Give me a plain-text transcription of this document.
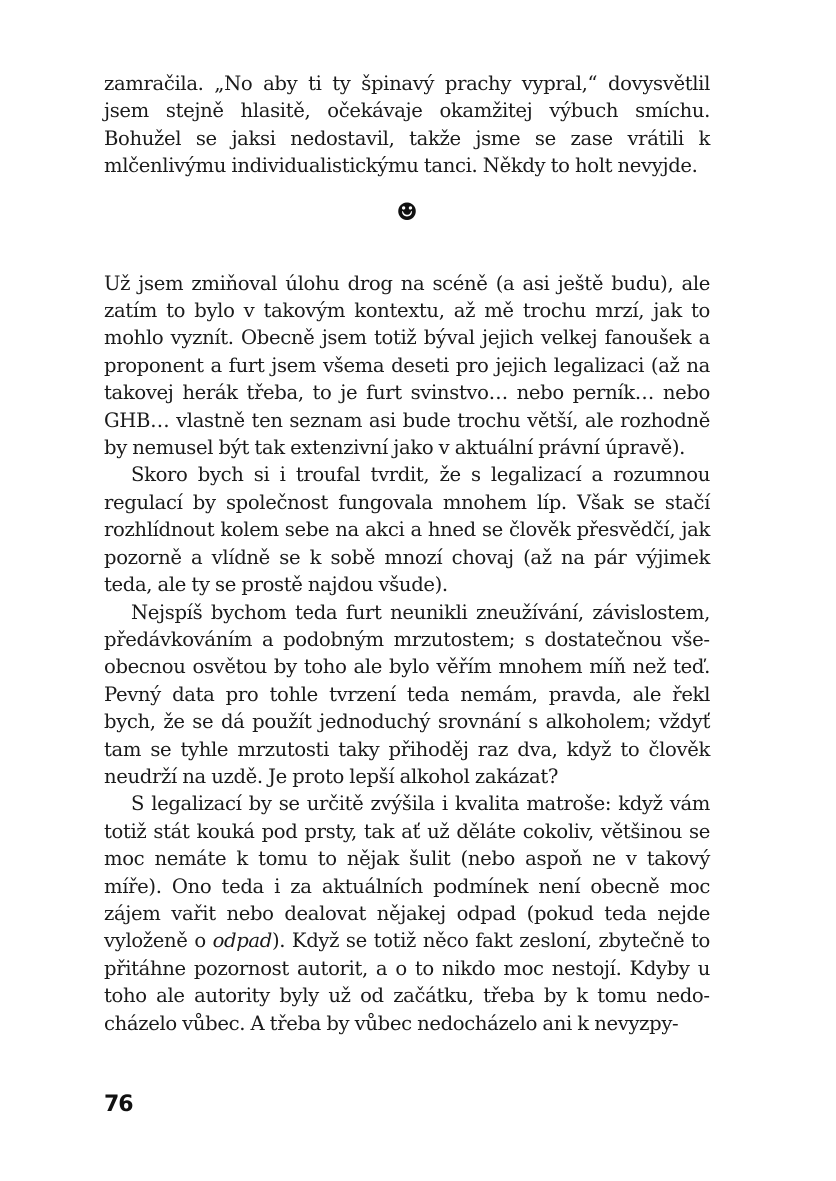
zamračila. „No aby ti ty špinavý prachy vypral,“ dovysvětlil jsem stejně hlasitě, očekávaje okamžitej výbuch smíchu. Bohužel se jaksi nedostavil, takže jsme se zase vrátili k mlčenlivýmu individualistickýmu tanci. Někdy to holt nevyjde.

☻

Už jsem zmiňoval úlohu drog na scéně (a asi ještě budu), ale zatím to bylo v takovým kontextu, až mě trochu mrzí, jak to mohlo vyznít. Obecně jsem totiž býval jejich velkej fanoušek a proponent a furt jsem všema deseti pro jejich legalizaci (až na takovej herák třeba, to je furt svinstvo… nebo perník… nebo GHB… vlastně ten seznam asi bude trochu větší, ale rozhodně by nemusel být tak extenzivní jako v aktuální právní úpravě).

Skoro bych si i troufal tvrdit, že s legalizací a rozumnou regulací by společnost fungovala mnohem líp. Však se stačí rozhlídnout kolem sebe na akci a hned se člověk přesvědčí, jak pozorně a vlídně se k sobě mnozí chovaj (až na pár výjimek teda, ale ty se prostě najdou všude).

Nejspíš bychom teda furt neunikli zneužívání, závislostem, předávkováním a podobným mrzutostem; s dostatečnou všeobecnou osvětou by toho ale bylo věřím mnohem míň než teď. Pevný data pro tohle tvrzení teda nemám, pravda, ale řekl bych, že se dá použít jednoduchý srovnání s alkoholem; vždyť tam se tyhle mrzutosti taky přihoděj raz dva, když to člověk neudrží na uzdě. Je proto lepší alkohol zakázat?

S legalizací by se určitě zvýšila i kvalita matroše: když vám totiž stát kouká pod prsty, tak ať už děláte cokoliv, většinou se moc nemáte k tomu to nějak šulit (nebo aspoň ne v takový míře). Ono teda i za aktuálních podmínek není obecně moc zájem vařit nebo dealovat nějakej odpad (pokud teda nejde vyloženě o odpad). Když se totiž něco fakt zesloní, zbytečně to přitáhne pozornost autorit, a o to nikdo moc nestojí. Kdyby u toho ale autority byly už od začátku, třeba by k tomu nedocházelo vůbec. A třeba by vůbec nedocházelo ani k nevyzpy-

76
